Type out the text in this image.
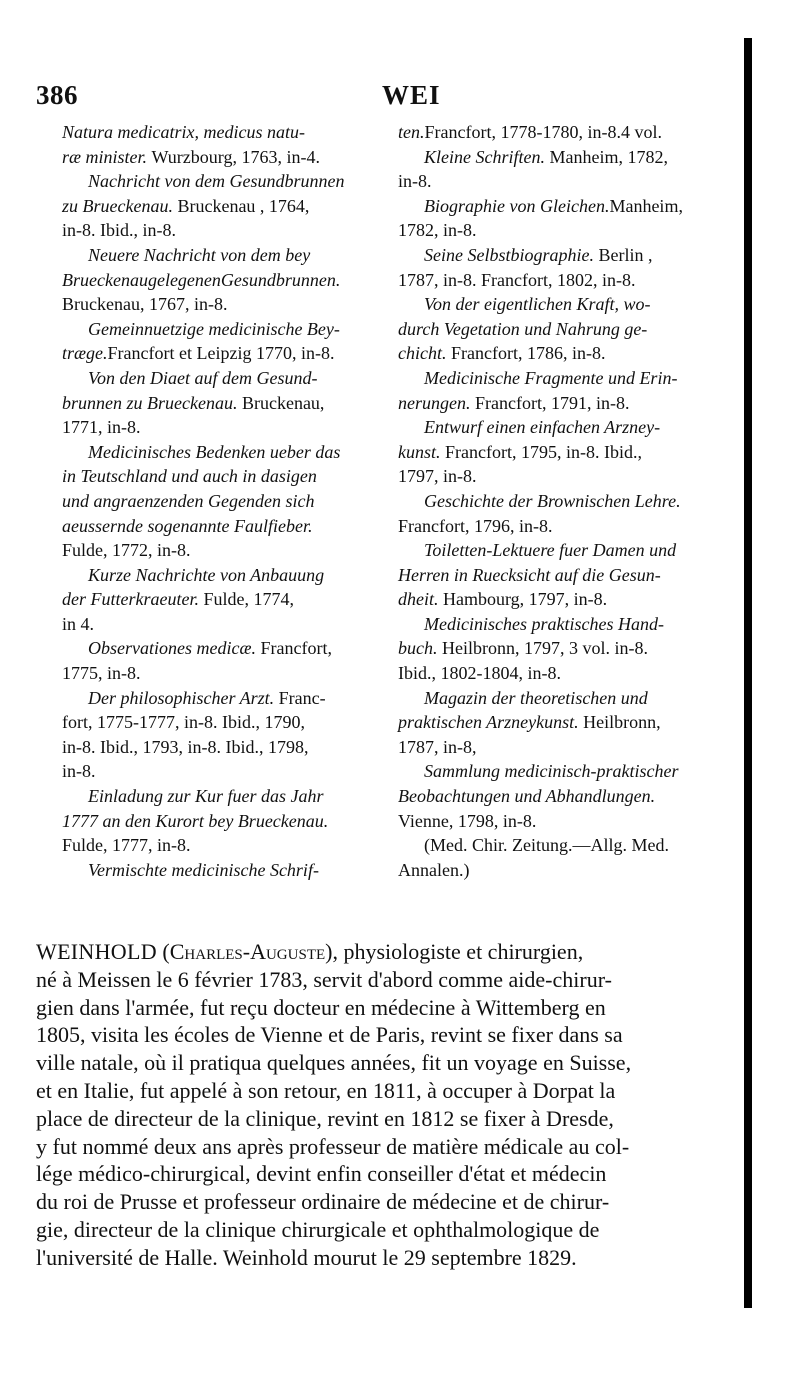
386	WEI
Natura medicatrix, medicus natu-
ræ minister. Wurzbourg, 1763, in-4.
Nachricht von dem Gesundbrunnen
zu Brueckenau. Bruckenau , 1764,
in-8. Ibid., in-8.
Neuere Nachricht von dem bey
BrueckenaugelegenenGesundbrunnen.
Bruckenau, 1767, in-8.
Gemeinnuetzige medicinische Bey-
træge.Francfort et Leipzig 1770, in-8.
Von den Diaet auf dem Gesund-
brunnen zu Brueckenau. Bruckenau,
1771, in-8.
Medicinisches Bedenken ueber das
in Teutschland und auch in dasigen
und angraenzenden Gegenden sich
aeussernde sogenannte Faulfieber.
Fulde, 1772, in-8.
Kurze Nachrichte von Anbauung
der Futterkraeuter. Fulde, 1774,
in 4.
Observationes medicæ. Francfort,
1775, in-8.
Der philosophischer Arzt. Franc-
fort, 1775-1777, in-8. Ibid., 1790,
in-8. Ibid., 1793, in-8. Ibid., 1798,
in-8.
Einladung zur Kur fuer das Jahr
1777 an den Kurort bey Brueckenau.
Fulde, 1777, in-8.
Vermischte medicinische Schrif-
ten.Francfort, 1778-1780, in-8.4 vol.
Kleine Schriften. Manheim, 1782,
in-8.
Biographie von Gleichen.Manheim,
1782, in-8.
Seine Selbstbiographie. Berlin ,
1787, in-8. Francfort, 1802, in-8.
Von der eigentlichen Kraft, wo-
durch Vegetation und Nahrung ge-
chicht. Francfort, 1786, in-8.
Medicinische Fragmente und Erin-
nerungen. Francfort, 1791, in-8.
Entwurf einen einfachen Arzney-
kunst. Francfort, 1795, in-8. Ibid.,
1797, in-8.
Geschichte der Brownischen Lehre.
Francfort, 1796, in-8.
Toiletten-Lektuere fuer Damen und
Herren in Ruecksicht auf die Gesun-
dheit. Hambourg, 1797, in-8.
Medicinisches praktisches Hand-
buch. Heilbronn, 1797, 3 vol. in-8.
Ibid., 1802-1804, in-8.
Magazin der theoretischen und
praktischen Arzneykunst. Heilbronn,
1787, in-8,
Sammlung medicinisch-praktischer
Beobachtungen und Abhandlungen.
Vienne, 1798, in-8.
(Med. Chir. Zeitung.—Allg. Med.
Annalen.)
WEINHOLD (Charles-Auguste), physiologiste et chirurgien,
né à Meissen le 6 février 1783, servit d'abord comme aide-chirur-
gien dans l'armée, fut reçu docteur en médecine à Wittemberg en
1805, visita les écoles de Vienne et de Paris, revint se fixer dans sa
ville natale, où il pratiqua quelques années, fit un voyage en Suisse,
et en Italie, fut appelé à son retour, en 1811, à occuper à Dorpat la
place de directeur de la clinique, revint en 1812 se fixer à Dresde,
y fut nommé deux ans après professeur de matière médicale au col-
lége médico-chirurgical, devint enfin conseiller d'état et médecin
du roi de Prusse et professeur ordinaire de médecine et de chirur-
gie, directeur de la clinique chirurgicale et ophthalmologique de
l'université de Halle. Weinhold mourut le 29 septembre 1829.
